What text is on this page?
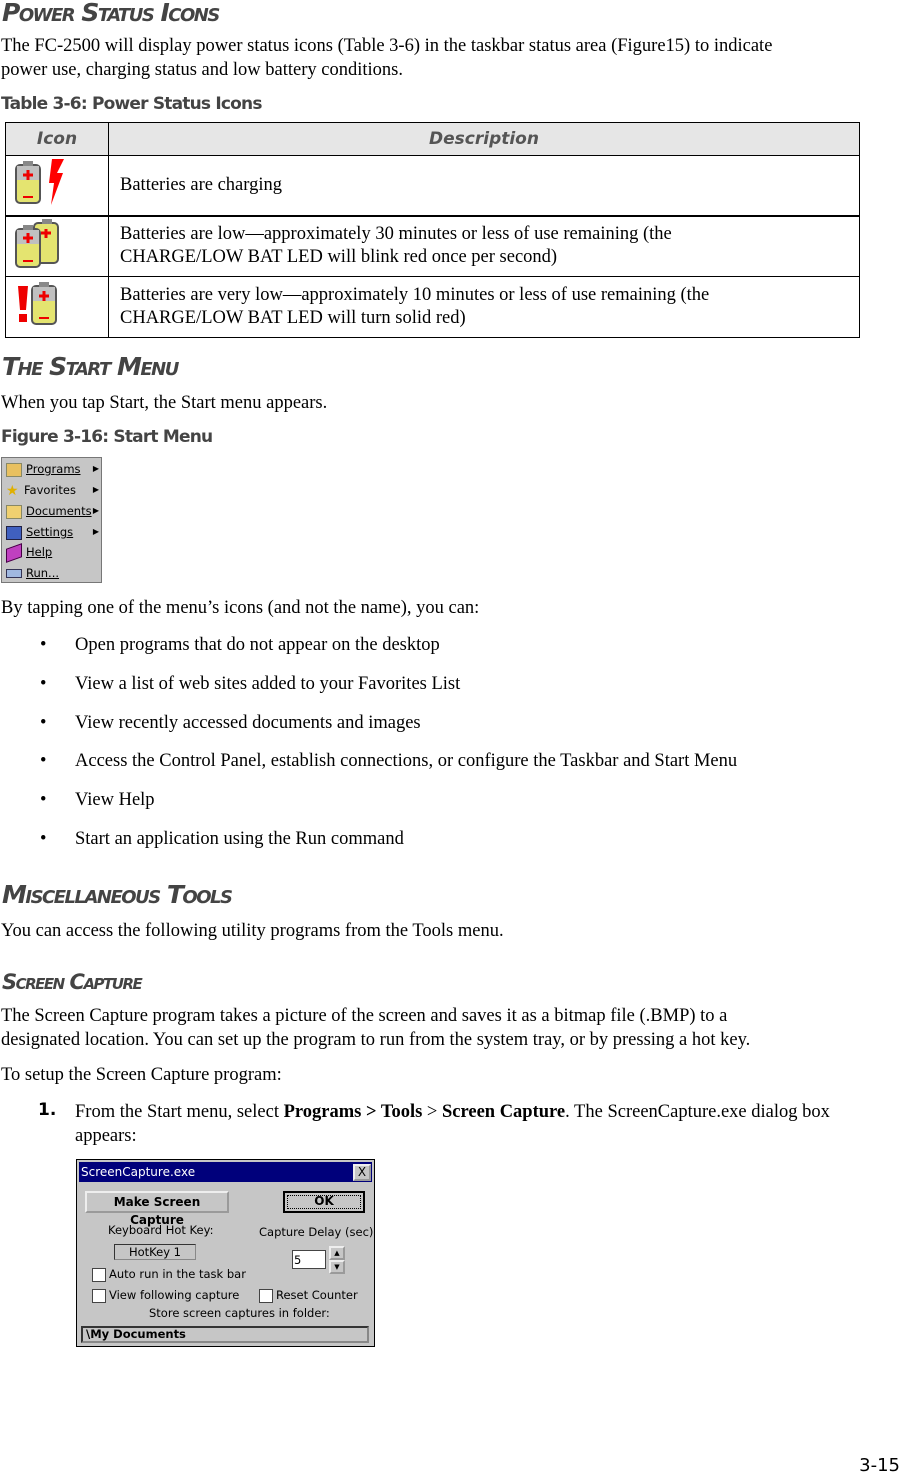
Power Status Icons
The FC-2500 will display power status icons (Table 3-6) in the taskbar status area (Figure15) to indicate
power use, charging status and low battery conditions.
Table 3-6: Power Status Icons
Icon	Description
	Batteries are charging

Batteries are low—approximately 30 minutes or less of use remaining (the
CHARGE/LOW BAT LED will blink red once per second)

Batteries are very low—approximately 10 minutes or less of use remaining (the
CHARGE/LOW BAT LED will turn solid red)
The Start Menu
When you tap Start, the Start menu appears.
Figure 3-16: Start Menu
Programs ▶
★ Favorites ▶
Documents ▶
Settings ▶
Help
Run...
By tapping one of the menu’s icons (and not the name), you can:
• Open programs that do not appear on the desktop
• View a list of web sites added to your Favorites List
• View recently accessed documents and images
• Access the Control Panel, establish connections, or configure the Taskbar and Start Menu
• View Help
• Start an application using the Run command
Miscellaneous Tools
You can access the following utility programs from the Tools menu.
Screen Capture
The Screen Capture program takes a picture of the screen and saves it as a bitmap file (.BMP) to a
designated location. You can set up the program to run from the system tray, or by pressing a hot key.
To setup the Screen Capture program:
1. From the Start menu, select Programs > Tools > Screen Capture. The ScreenCapture.exe dialog box
appears:
ScreenCapture.exe	X
Make Screen Capture
OK
Keyboard Hot Key:
HotKey 1
Capture Delay (sec)
5	▲
▼
Auto run in the task bar
View following capture	Reset Counter
Store screen captures in folder:
\My Documents
3-15
